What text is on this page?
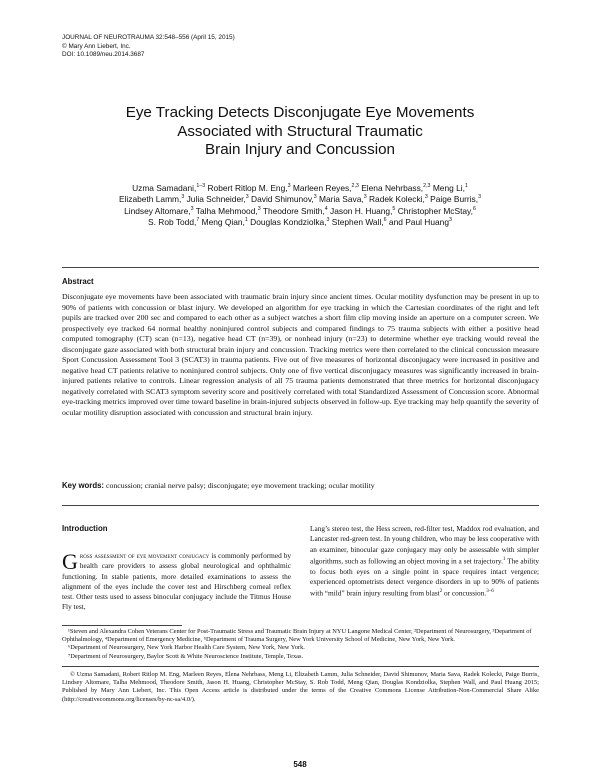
JOURNAL OF NEUROTRAUMA 32:548–556 (April 15, 2015)
© Mary Ann Liebert, Inc.
DOI: 10.1089/neu.2014.3687
Eye Tracking Detects Disconjugate Eye Movements
Associated with Structural Traumatic
Brain Injury and Concussion
Uzma Samadani,$^{1-3}$ Robert Ritlop M. Eng,$^3$ Marleen Reyes,$^{2,3}$ Elena Nehrbass,$^{2,3}$ Meng Li,$^1$
Elizabeth Lamm,$^3$ Julia Schneider,$^3$ David Shimunov,$^3$ Maria Sava,$^3$ Radek Kolecki,$^3$ Paige Burris,$^3$
Lindsey Altomare,$^3$ Talha Mehmood,$^3$ Theodore Smith,$^4$ Jason H. Huang,$^5$ Christopher McStay,$^6$
S. Rob Todd,$^7$ Meng Qian,$^1$ Douglas Kondziolka,$^3$ Stephen Wall,$^6$ and Paul Huang$^3$
Abstract
Disconjugate eye movements have been associated with traumatic brain injury since ancient times. Ocular motility dysfunction may be present in up to 90% of patients with concussion or blast injury. We developed an algorithm for eye tracking in which the Cartesian coordinates of the right and left pupils are tracked over 200 sec and compared to each other as a subject watches a short film clip moving inside an aperture on a computer screen. We prospectively eye tracked 64 normal healthy noninjured control subjects and compared findings to 75 trauma subjects with either a positive head computed tomography (CT) scan (n=13), negative head CT (n=39), or nonhead injury (n=23) to determine whether eye tracking would reveal the disconjugate gaze associated with both structural brain injury and concussion. Tracking metrics were then correlated to the clinical concussion measure Sport Concussion Assessment Tool 3 (SCAT3) in trauma patients. Five out of five measures of horizontal disconjugacy were increased in positive and negative head CT patients relative to noninjured control subjects. Only one of five vertical disconjugacy measures was significantly increased in brain-injured patients relative to controls. Linear regression analysis of all 75 trauma patients demonstrated that three metrics for horizontal disconjugacy negatively correlated with SCAT3 symptom severity score and positively correlated with total Standardized Assessment of Concussion score. Abnormal eye-tracking metrics improved over time toward baseline in brain-injured subjects observed in follow-up. Eye tracking may help quantify the severity of ocular motility disruption associated with concussion and structural brain injury.
Key words: concussion; cranial nerve palsy; disconjugate; eye movement tracking; ocular motility
Introduction
Gross assessment of eye movement conjugacy is commonly performed by health care providers to assess global neurological and ophthalmic functioning. In stable patients, more detailed examinations to assess the alignment of the eyes include the cover test and Hirschberg corneal reflex test. Other tests used to assess binocular conjugacy include the Titmus House Fly test,
Lang’s stereo test, the Hess screen, red-filter test, Maddox rod evaluation, and Lancaster red-green test. In young children, who may be less cooperative with an examiner, binocular gaze conjugacy may only be assessable with simpler algorithms, such as following an object moving in a set trajectory.$^1$ The ability to focus both eyes on a single point in space requires intact vergence; experienced optometrists detect vergence disorders in up to 90% of patients with “mild” brain injury resulting from blast$^2$ or concussion.$^{3-6}$
¹Steven and Alexandra Cohen Veterans Center for Post-Traumatic Stress and Traumatic Brain Injury at NYU Langone Medical Center, ²Department of Neurosurgery, ³Department of Ophthalmology, ⁴Department of Emergency Medicine, ⁵Department of Trauma Surgery, New York University School of Medicine, New York, New York.
⁶Department of Neurosurgery, New York Harbor Health Care System, New York, New York.
⁷Department of Neurosurgery, Baylor Scott & White Neuroscience Institute, Temple, Texas.
© Uzma Samadani, Robert Ritlop M. Eng, Marleen Reyes, Elena Nehrbass, Meng Li, Elizabeth Lamm, Julia Schneider, David Shimunov, Maria Sava, Radek Kolecki, Paige Burris, Lindsey Altomare, Talha Mehmood, Theodore Smith, Jason H. Huang, Christopher McStay, S. Rob Todd, Meng Qian, Douglas Kondziolka, Stephen Wall, and Paul Huang 2015; Published by Mary Ann Liebert, Inc. This Open Access article is distributed under the terms of the Creative Commons License Attribution-Non-Commercial Share Alike (http://creativecommons.org/licenses/by-nc-sa/4.0/).
548
